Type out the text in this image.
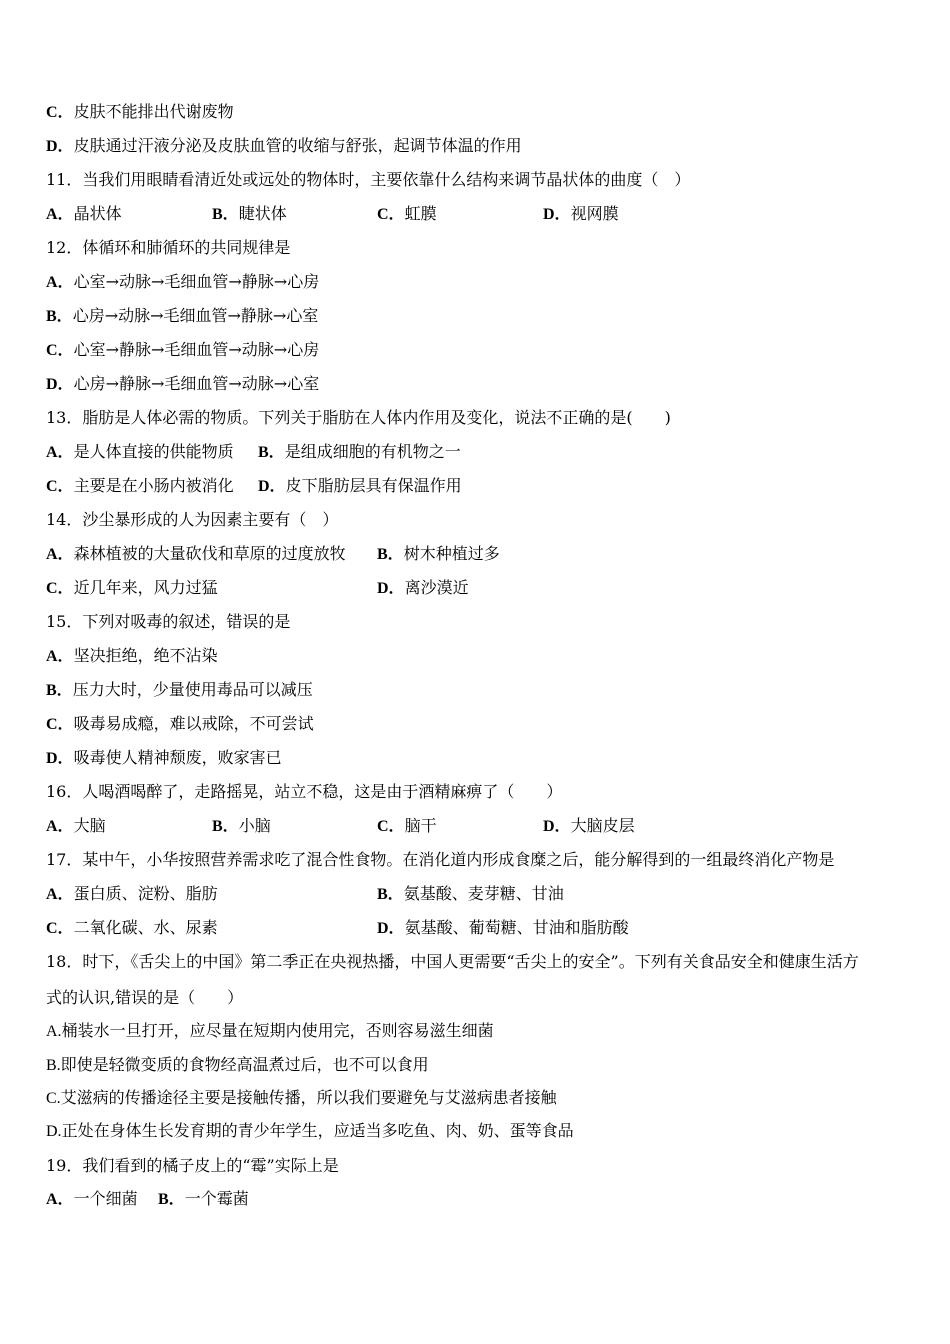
C．皮肤不能排出代谢废物
D．皮肤通过汗液分泌及皮肤血管的收缩与舒张，起调节体温的作用
11．当我们用眼睛看清近处或远处的物体时，主要依靠什么结构来调节晶状体的曲度（　）
A．晶状体	B．睫状体	C．虹膜	D．视网膜
12．体循环和肺循环的共同规律是
A．心室→动脉→毛细血管→静脉→心房
B．心房→动脉→毛细血管→静脉→心室
C．心室→静脉→毛细血管→动脉→心房
D．心房→静脉→毛细血管→动脉→心室
13．脂肪是人体必需的物质。下列关于脂肪在人体内作用及变化，说法不正确的是(　　)
A．是人体直接的供能物质 B．是组成细胞的有机物之一
C．主要是在小肠内被消化 D．皮下脂肪层具有保温作用
14．沙尘暴形成的人为因素主要有（　）
A．森林植被的大量砍伐和草原的过度放牧 B．树木种植过多
C．近几年来，风力过猛	D．离沙漠近
15．下列对吸毒的叙述，错误的是
A．坚决拒绝，绝不沾染
B．压力大时，少量使用毒品可以减压
C．吸毒易成瘾，难以戒除，不可尝试
D．吸毒使人精神颓废，败家害已
16．人喝酒喝醉了，走路摇晃，站立不稳，这是由于酒精麻痹了（　　）
A．大脑	B．小脑	C．脑干	D．大脑皮层
17．某中午，小华按照营养需求吃了混合性食物。在消化道内形成食糜之后，能分解得到的一组最终消化产物是
A．蛋白质、淀粉、脂肪	B．氨基酸、麦芽糖、甘油
C．二氧化碳、水、尿素	D．氨基酸、葡萄糖、甘油和脂肪酸
18．时下，《舌尖上的中国》第二季正在央视热播，中国人更需要“舌尖上的安全”。下列有关食品安全和健康生活方
式的认识,错误的是（　　）
A.桶装水一旦打开，应尽量在短期内使用完，否则容易滋生细菌
B.即使是轻微变质的食物经高温煮过后，也不可以食用
C.艾滋病的传播途径主要是接触传播，所以我们要避免与艾滋病患者接触
D.正处在身体生长发育期的青少年学生，应适当多吃鱼、肉、奶、蛋等食品
19．我们看到的橘子皮上的“霉”实际上是
A．一个细菌 B．一个霉菌
